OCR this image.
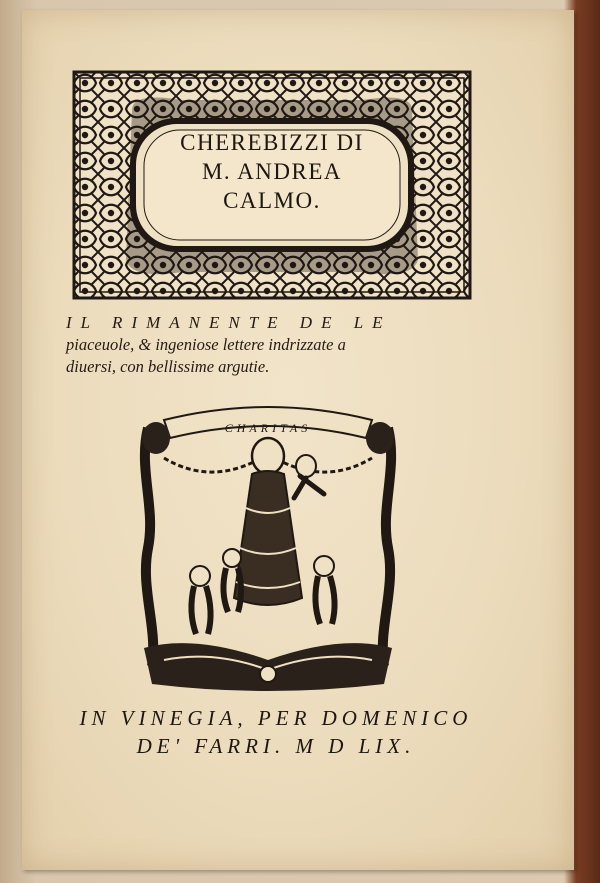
CHEREBIZZI DI
M. ANDREA
CALMO.
IL RIMANENTE DE LE
piaceuole, & ingeniose lettere indrizzate a
diuersi, con bellissime argutie.
CHARITAS
IN VINEGIA, PER DOMENICO
DE' FARRI. M D LIX.
